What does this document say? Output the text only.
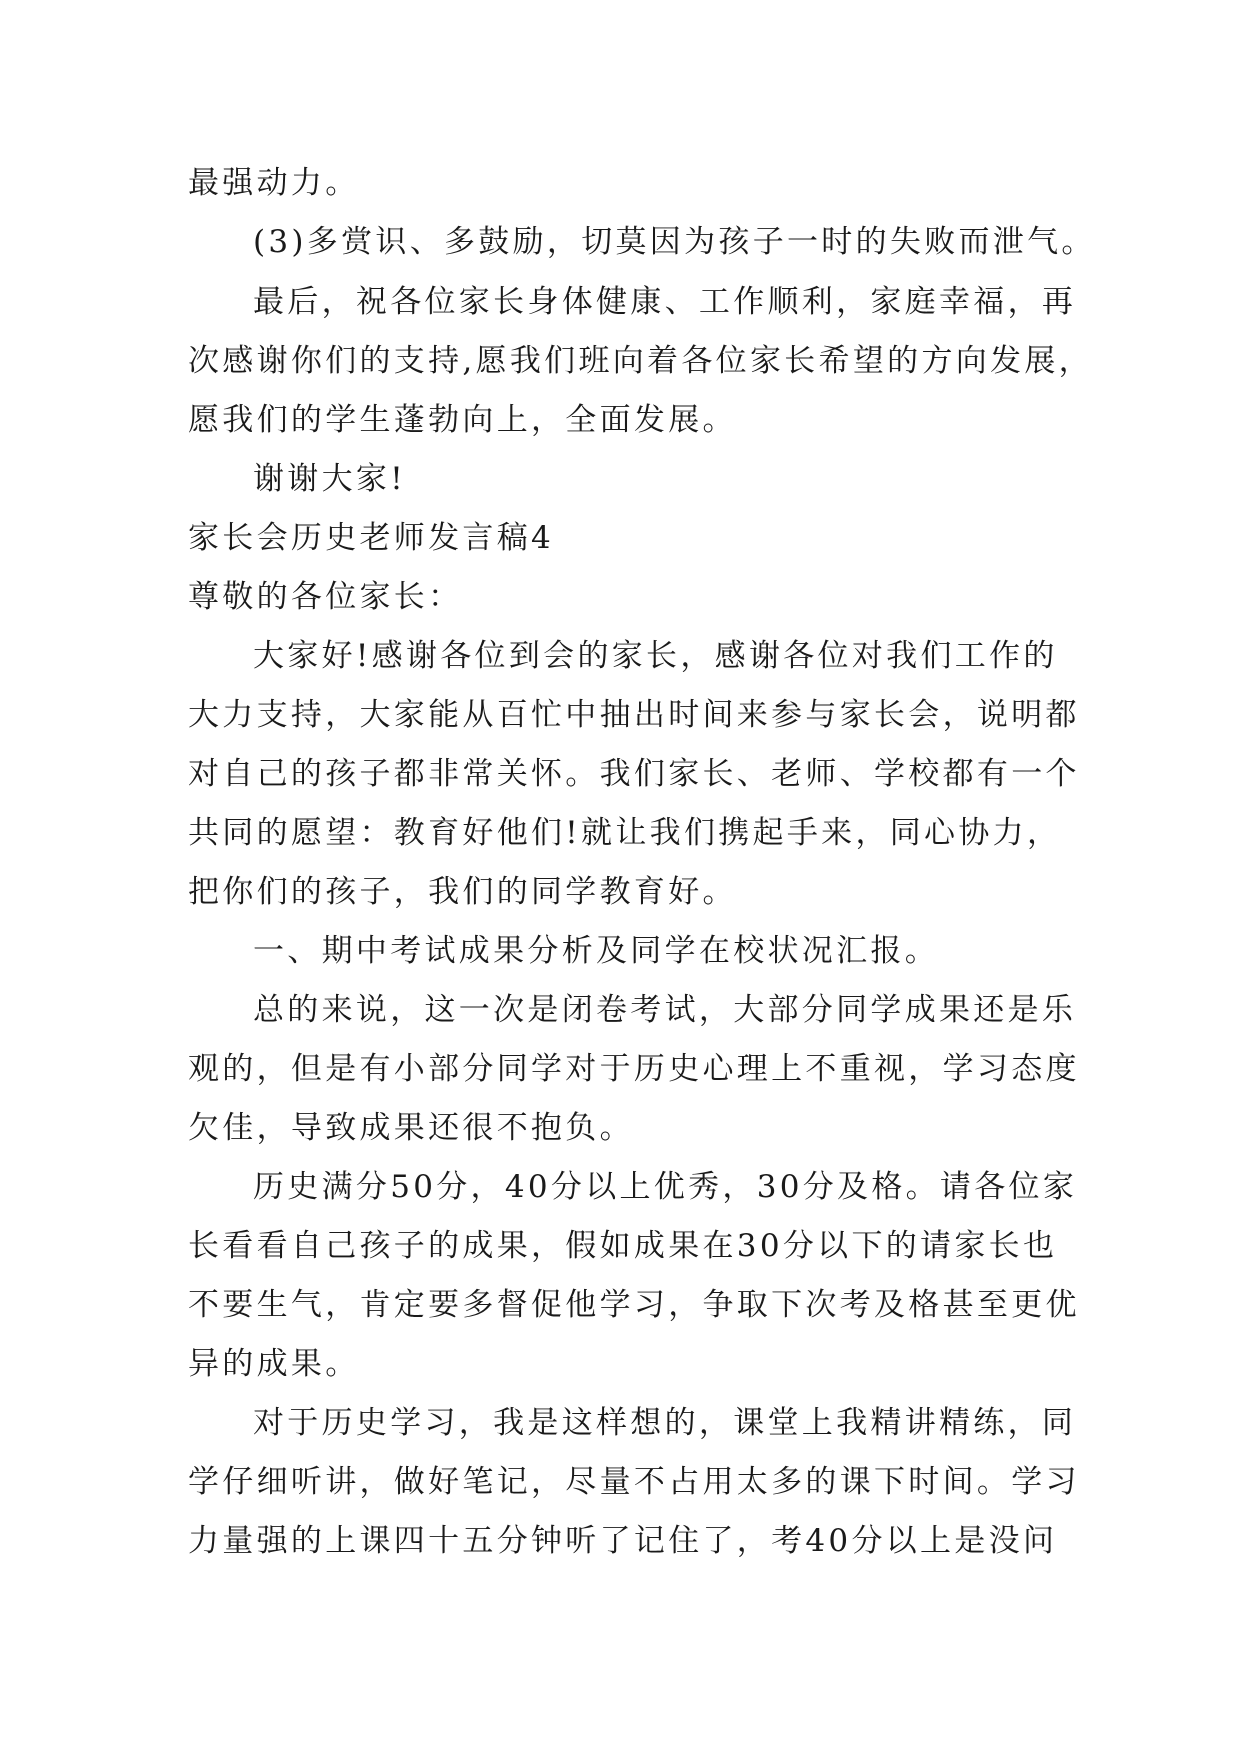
最强动力。
(3)多赏识、多鼓励，切莫因为孩子一时的失败而泄气。
最后，祝各位家长身体健康、工作顺利，家庭幸福，再
次感谢你们的支持,愿我们班向着各位家长希望的方向发展，
愿我们的学生蓬勃向上，全面发展。
谢谢大家!
家长会历史老师发言稿4
尊敬的各位家长：
大家好!感谢各位到会的家长，感谢各位对我们工作的
大力支持，大家能从百忙中抽出时间来参与家长会，说明都
对自己的孩子都非常关怀。我们家长、老师、学校都有一个
共同的愿望：教育好他们!就让我们携起手来，同心协力，
把你们的孩子，我们的同学教育好。
一、期中考试成果分析及同学在校状况汇报。
总的来说，这一次是闭卷考试，大部分同学成果还是乐
观的，但是有小部分同学对于历史心理上不重视，学习态度
欠佳，导致成果还很不抱负。
历史满分50分，40分以上优秀，30分及格。请各位家
长看看自己孩子的成果，假如成果在30分以下的请家长也
不要生气，肯定要多督促他学习，争取下次考及格甚至更优
异的成果。
对于历史学习，我是这样想的，课堂上我精讲精练，同
学仔细听讲，做好笔记，尽量不占用太多的课下时间。学习
力量强的上课四十五分钟听了记住了，考40分以上是没问
